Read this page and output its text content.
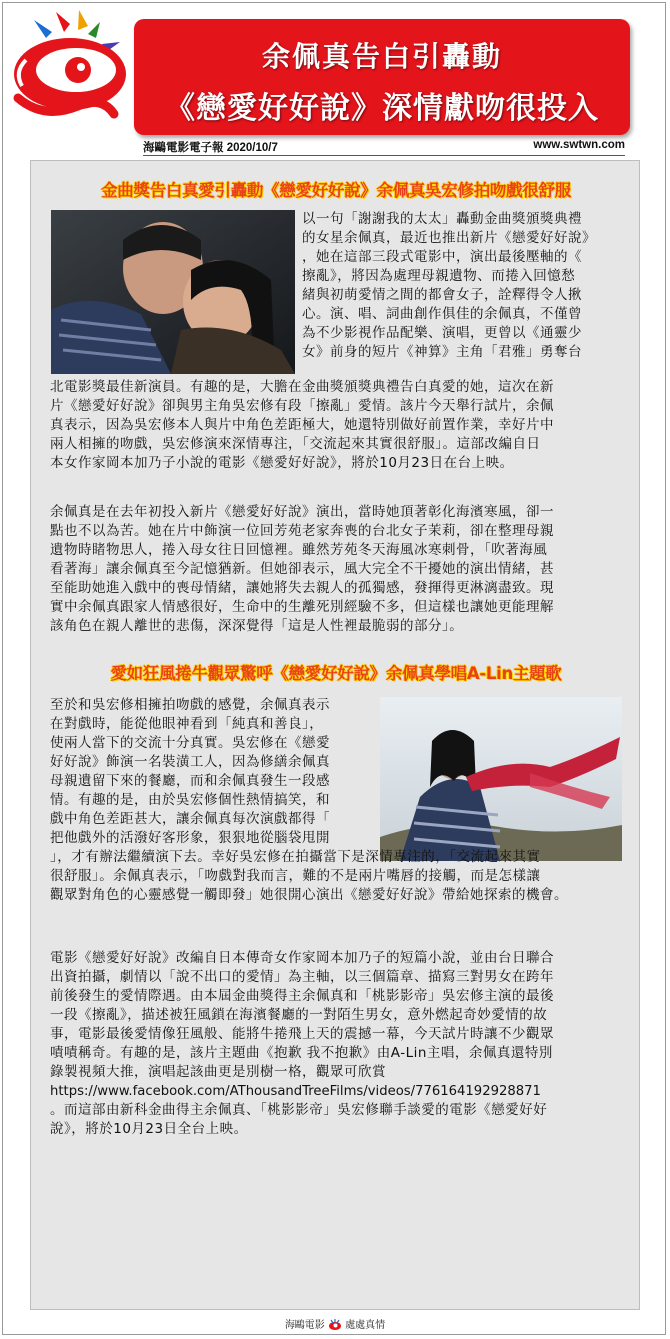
余佩真告白引轟動
《戀愛好好說》深情獻吻很投入
海鷗電影電子報 2020/10/7	www.swtwn.com
金曲獎告白真愛引轟動《戀愛好好說》余佩真吳宏修拍吻戲很舒服
以一句「謝謝我的太太」轟動金曲獎頒獎典禮
的女星余佩真，最近也推出新片《戀愛好好說》
，她在這部三段式電影中，演出最後壓軸的《
擦亂》，將因為處理母親遺物、而捲入回憶愁
緒與初萌愛情之間的都會女子，詮釋得令人揪
心。演、唱、詞曲創作俱佳的余佩真，不僅曾
為不少影視作品配樂、演唱，更曾以《通靈少
女》前身的短片《神算》主角「君雅」勇奪台
北電影獎最佳新演員。有趣的是，大膽在金曲獎頒獎典禮告白真愛的她，這次在新
片《戀愛好好說》卻與男主角吳宏修有段「擦亂」愛情。該片今天舉行試片，余佩
真表示，因為吳宏修本人與片中角色差距極大，她還特別做好前置作業，幸好片中
兩人相擁的吻戲，吳宏修演來深情專注，「交流起來其實很舒服」。這部改編自日
本女作家岡本加乃子小說的電影《戀愛好好說》，將於10月23日在台上映。
余佩真是在去年初投入新片《戀愛好好說》演出，當時她頂著彰化海濱寒風，卻一
點也不以為苦。她在片中飾演一位回芳苑老家奔喪的台北女子茉莉，卻在整理母親
遺物時睹物思人，捲入母女往日回憶裡。雖然芳苑冬天海風冰寒刺骨，「吹著海風
看著海」讓余佩真至今記憶猶新。但她卻表示，風大完全不干擾她的演出情緒，甚
至能助她進入戲中的喪母情緒，讓她將失去親人的孤獨感，發揮得更淋漓盡致。現
實中余佩真跟家人情感很好，生命中的生離死別經驗不多，但這樣也讓她更能理解
該角色在親人離世的悲傷，深深覺得「這是人性裡最脆弱的部分」。
愛如狂風捲牛觀眾驚呼《戀愛好好說》余佩真學唱A-Lin主題歌
至於和吳宏修相擁拍吻戲的感覺，余佩真表示
在對戲時，能從他眼神看到「純真和善良」，
使兩人當下的交流十分真實。吳宏修在《戀愛
好好說》飾演一名裝潢工人，因為修繕余佩真
母親遺留下來的餐廳，而和余佩真發生一段感
情。有趣的是，由於吳宏修個性熱情搞笑，和
戲中角色差距甚大，讓余佩真每次演戲都得「
把他戲外的活潑好客形象，狠狠地從腦袋甩開
」，才有辦法繼續演下去。幸好吳宏修在拍攝當下是深情專注的，「交流起來其實
很舒服」。余佩真表示，「吻戲對我而言，難的不是兩片嘴唇的接觸，而是怎樣讓
觀眾對角色的心靈感覺一觸即發」她很開心演出《戀愛好好說》帶給她探索的機會。
電影《戀愛好好說》改編自日本傳奇女作家岡本加乃子的短篇小說，並由台日聯合
出資拍攝，劇情以「說不出口的愛情」為主軸，以三個篇章、描寫三對男女在跨年
前後發生的愛情際遇。由本屆金曲獎得主余佩真和「桃影影帝」吳宏修主演的最後
一段《擦亂》，描述被狂風鎖在海濱餐廳的一對陌生男女，意外燃起奇妙愛情的故
事，電影最後愛情像狂風般、能將牛捲飛上天的震撼一幕，今天試片時讓不少觀眾
嘖嘖稱奇。有趣的是，該片主題曲《抱歉 我不抱歉》由A-Lin主唱，余佩真還特別
錄製視頻大推，演唱起該曲更是別樹一格，觀眾可欣賞
https://www.facebook.com/AThousandTreeFilms/videos/776164192928871
。而這部由新科金曲得主余佩真、「桃影影帝」吳宏修聯手談愛的電影《戀愛好好
說》，將於10月23日全台上映。
海鷗電影 處處真情
